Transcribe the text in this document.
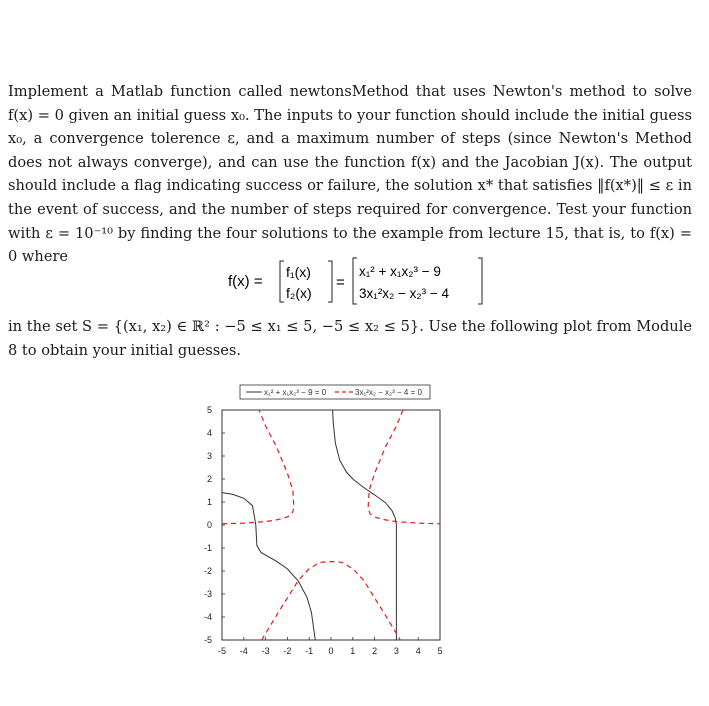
Implement a Matlab function called newtonsMethod that uses Newton's method to solve f(x) = 0 given an initial guess x₀. The inputs to your function should include the initial guess x₀, a convergence tolerence ε, and a maximum number of steps (since Newton's Method does not always converge), and can use the function f(x) and the Jacobian J(x). The output should include a flag indicating success or failure, the solution x* that satisfies ‖f(x*)‖ ≤ ε in the event of success, and the number of steps required for convergence. Test your function with ε = 10⁻¹⁰ by finding the four solutions to the example from lecture 15, that is, to f(x) = 0 where
f(x) =
f₁(x)
f₂(x)
=
x₁² + x₁x₂³ − 9
3x₁²x₂ − x₂³ − 4
in the set S = {(x₁, x₂) ∈ ℝ² : −5 ≤ x₁ ≤ 5, −5 ≤ x₂ ≤ 5}. Use the following plot from Module 8 to obtain your initial guesses.
x₁² + x₁x₂³ − 9 = 0	3x₁²x₂ − x₂³ − 4 = 0
-5 -4 -3 -2 -1 0 1 2 3 4 5
-5
-4
-3
-2
-1
0
1
2
3
4
5
